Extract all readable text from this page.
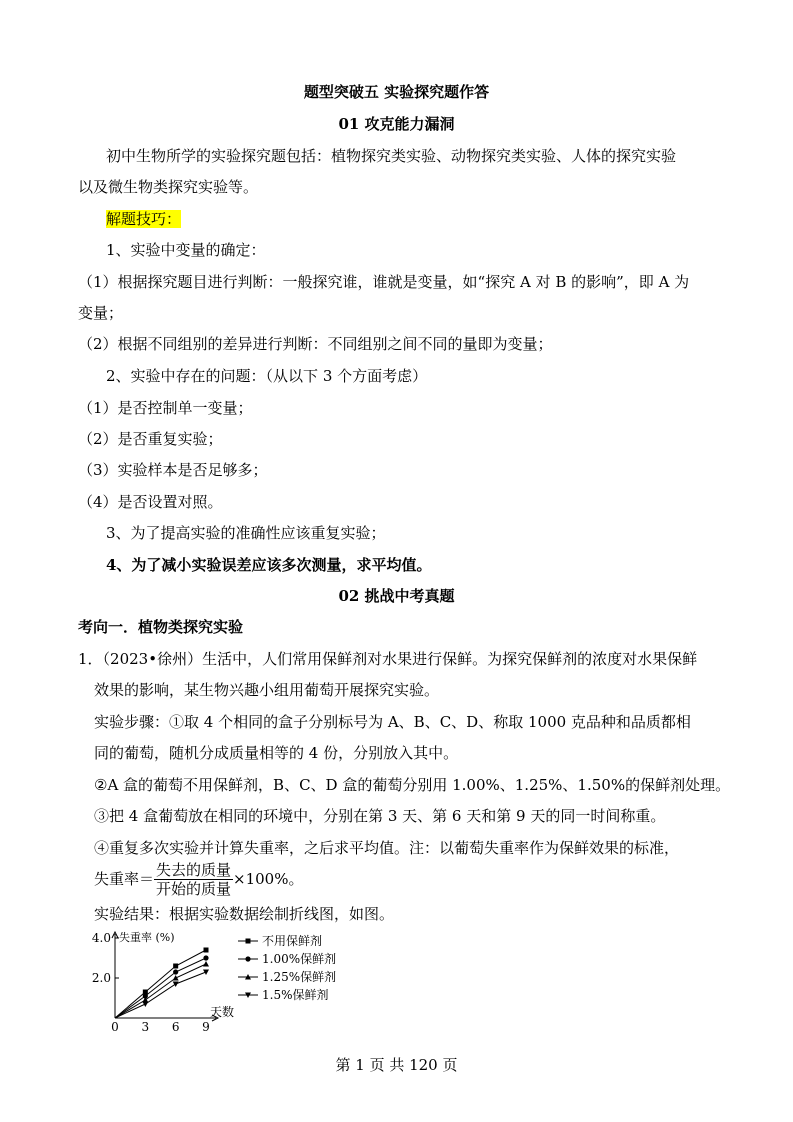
题型突破五 实验探究题作答
01 攻克能力漏洞
初中生物所学的实验探究题包括：植物探究类实验、动物探究类实验、人体的探究实验
以及微生物类探究实验等。
解题技巧：
1、实验中变量的确定：
（1）根据探究题目进行判断：一般探究谁，谁就是变量，如“探究 A 对 B 的影响”，即 A 为
变量；
（2）根据不同组别的差异进行判断：不同组别之间不同的量即为变量；
2、实验中存在的问题：（从以下 3 个方面考虑）
（1）是否控制单一变量；
（2）是否重复实验；
（3）实验样本是否足够多；
（4）是否设置对照。
3、为了提高实验的准确性应该重复实验；
4、为了减小实验误差应该多次测量，求平均值。
02 挑战中考真题
考向一．植物类探究实验
1．（2023•徐州）生活中，人们常用保鲜剂对水果进行保鲜。为探究保鲜剂的浓度对水果保鲜
效果的影响，某生物兴趣小组用葡萄开展探究实验。
实验步骤：①取 4 个相同的盒子分别标号为 A、B、C、D、称取 1000 克品种和品质都相
同的葡萄，随机分成质量相等的 4 份，分别放入其中。
②A 盒的葡萄不用保鲜剂，B、C、D 盒的葡萄分别用 1.00%、1.25%、1.50%的保鲜剂处理。
③把 4 盒葡萄放在相同的环境中，分别在第 3 天、第 6 天和第 9 天的同一时间称重。
④重复多次实验并计算失重率，之后求平均值。注：以葡萄失重率作为保鲜效果的标准，
失重率＝ $\frac{\text{失去的质量}}{\text{开始的质量}} \times 100\%$。
实验结果：根据实验数据绘制折线图，如图。
失重率 (%)
天数
2.0
4.0
0 3 6 9
不用保鲜剂
1.00%保鲜剂
1.25%保鲜剂
1.5%保鲜剂
第 1 页 共 120 页
